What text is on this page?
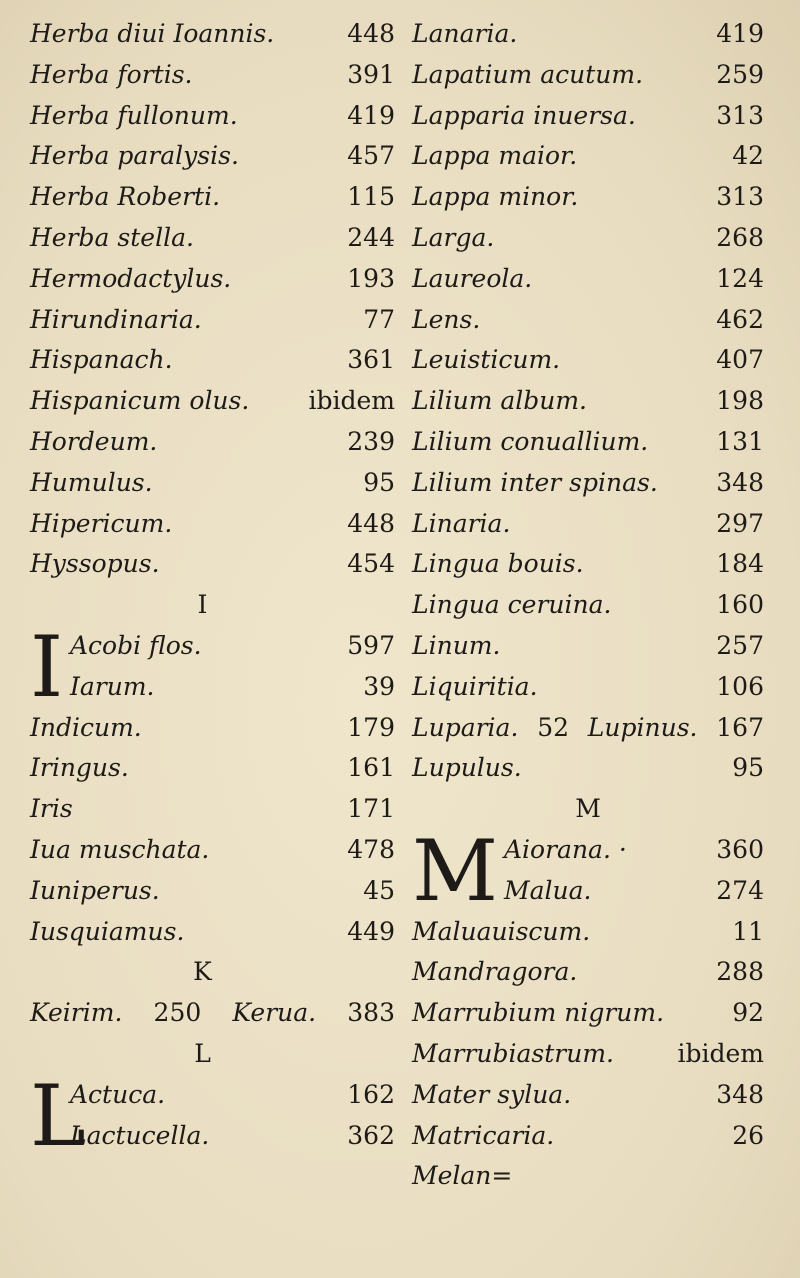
Herba diui Ioannis.	448
Herba fortis.	391
Herba fullonum.	419
Herba paralysis.	457
Herba Roberti.	115
Herba stella.	244
Hermodactylus.	193
Hirundinaria.	77
Hispanach.	361
Hispanicum olus. ibidem
Hordeum.	239
Humulus.	95
Hipericum.	448
Hyssopus.	454
I
I Acobi flos.	597
Iarum.	39
Indicum.	179
Iringus.	161
Iris	171
Iua muschata.	478
Iuniperus.	45
Iusquiamus.	449
K
Keirim. 250 Kerua. 383
L
L
Actuca.	162
Lactucella.	362
Lanaria.	419
Lapatium acutum.	259
Lapparia inuersa.	313
Lappa maior.	42
Lappa minor.	313
Larga.	268
Laureola.	124
Lens.	462
Leuisticum.	407
Lilium album.	198
Lilium conuallium.	131
Lilium inter spinas. 348
Linaria.	297
Lingua bouis.	184
Lingua ceruina.	160
Linum.	257
Liquiritia.	106
Luparia. 52 Lupinus. 167
Lupulus.	95
M
M Aiorana. ·	360
Malua.	274
Maluauiscum.	11
Mandragora.	288
Marrubium nigrum.	92
Marrubiastrum.	ibidem
Mater sylua.	348
Matricaria.	26
Melan=
